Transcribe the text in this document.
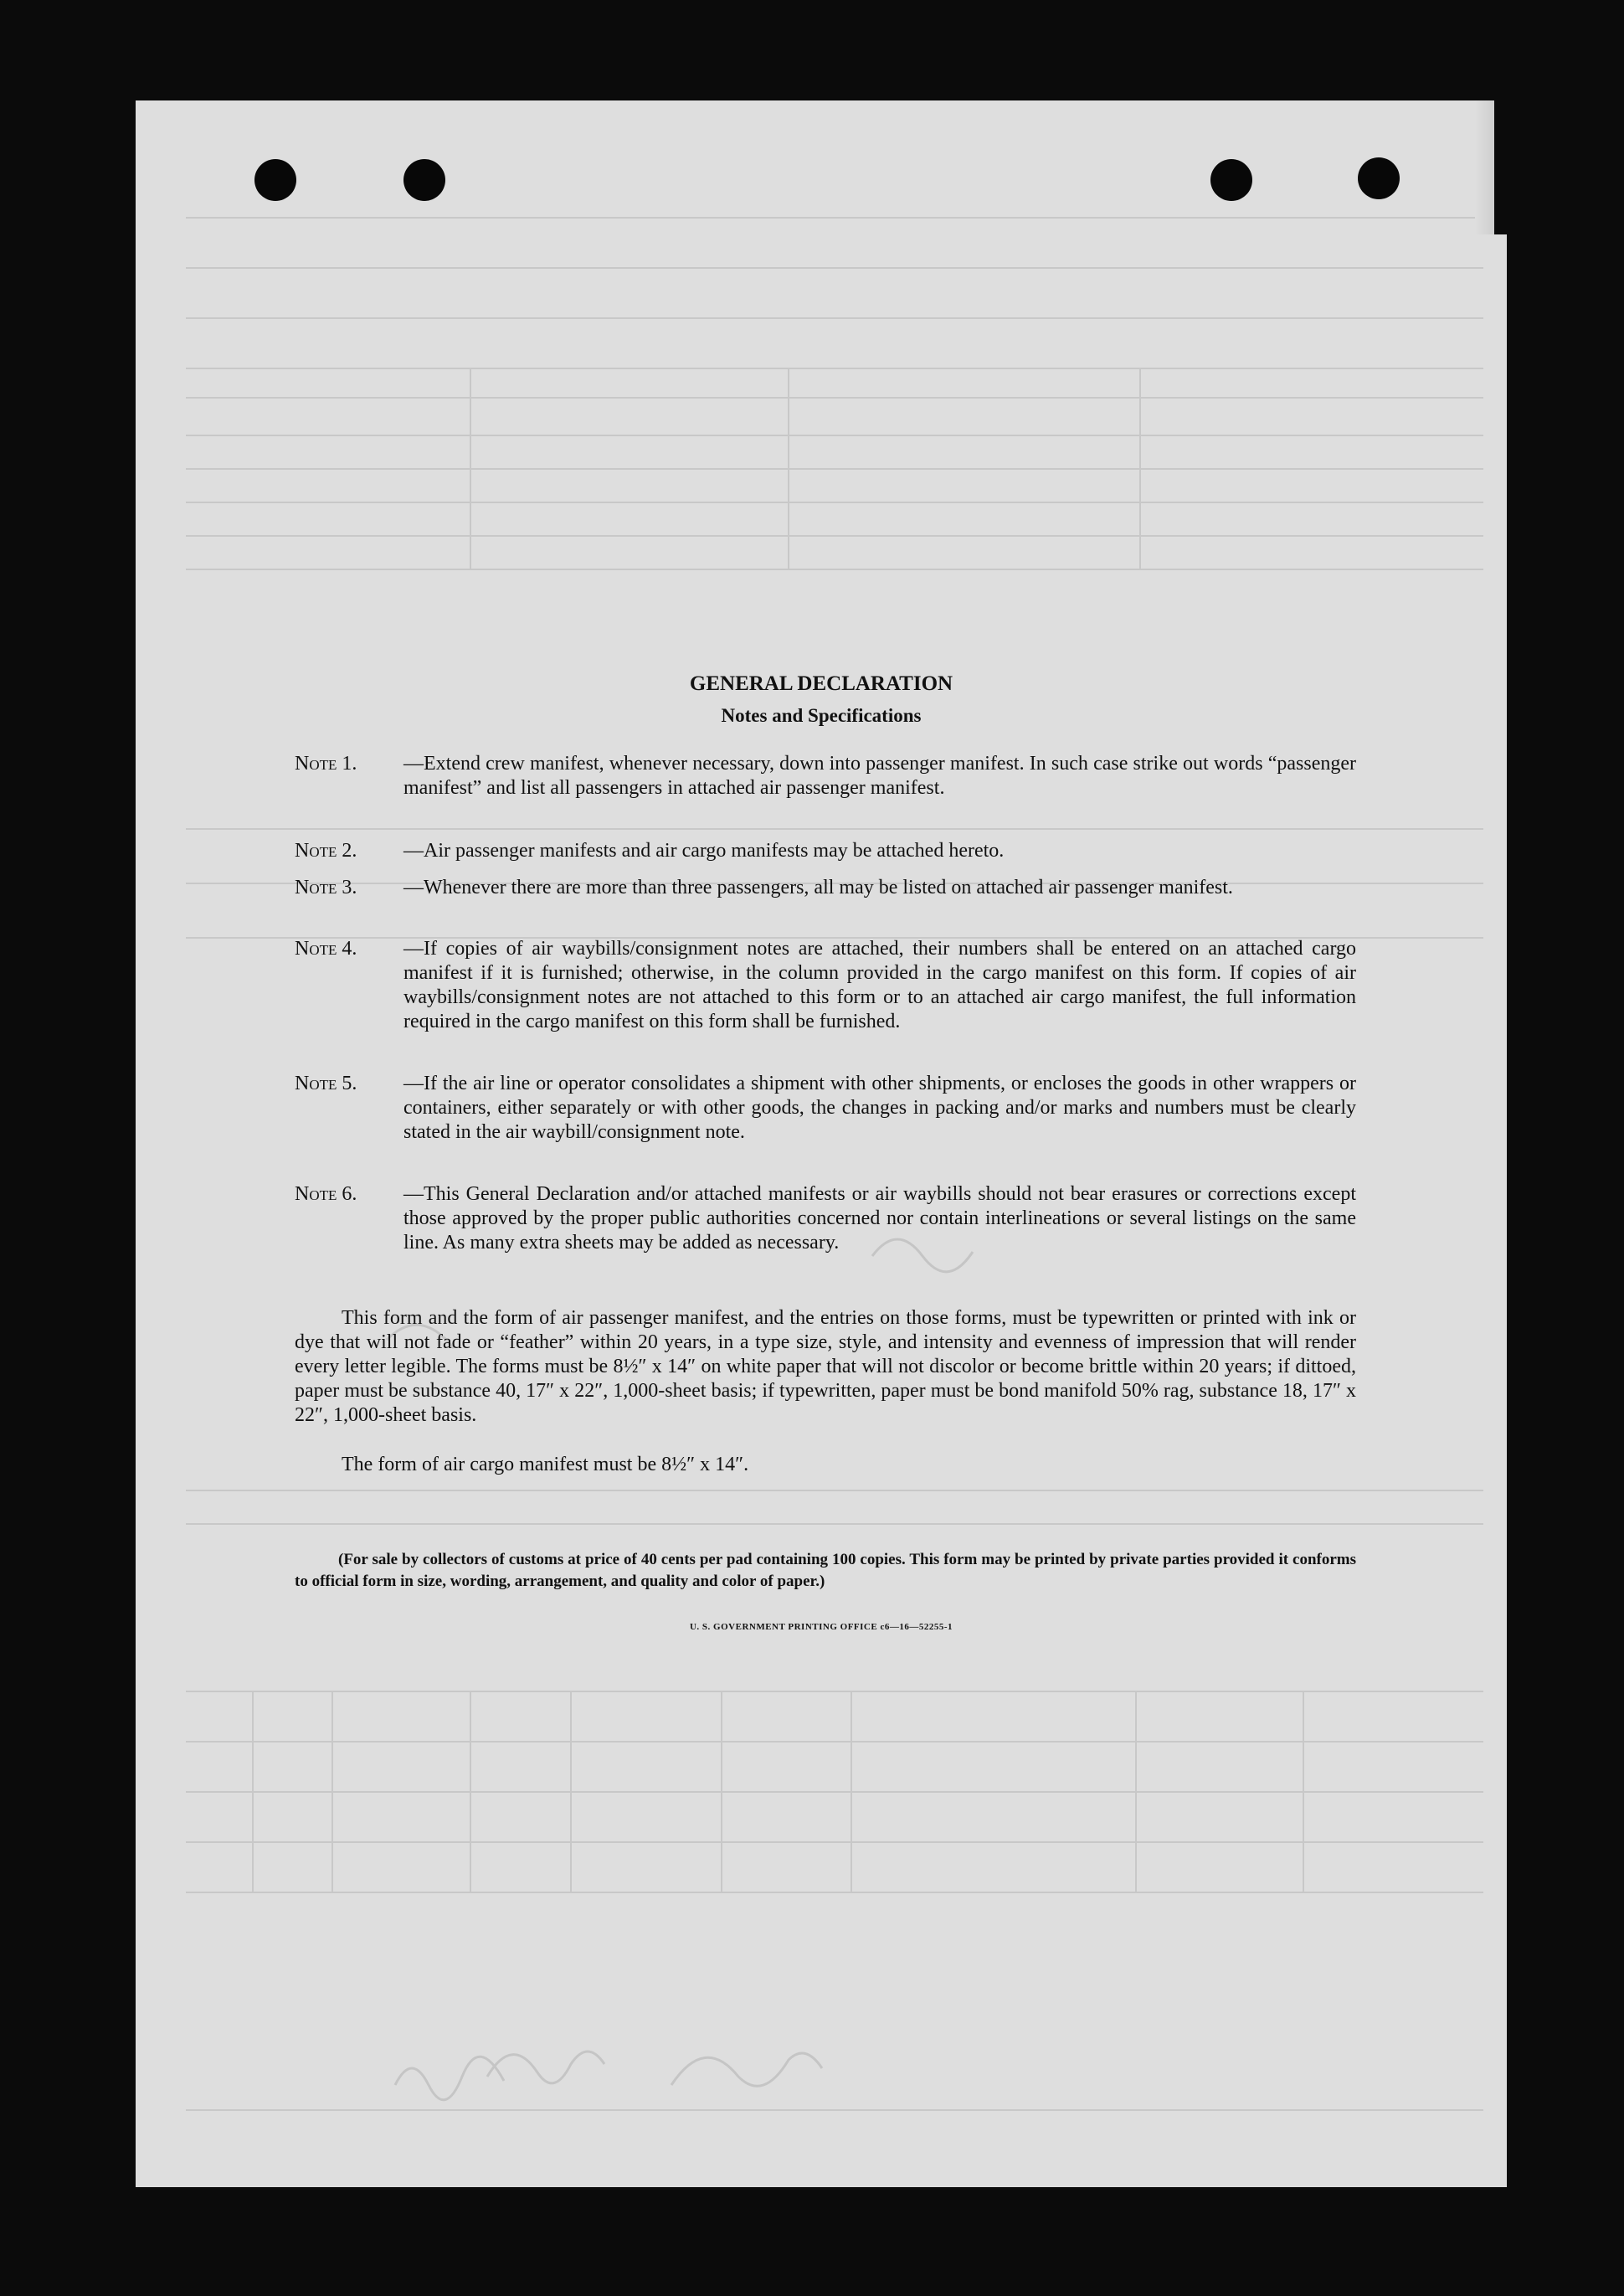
GENERAL DECLARATION
Notes and Specifications
Note 1. —Extend crew manifest, whenever necessary, down into passenger manifest. In such case strike out words “passenger manifest” and list all passengers in attached air passenger manifest.
Note 2. —Air passenger manifests and air cargo manifests may be attached hereto.
Note 3. —Whenever there are more than three passengers, all may be listed on attached air passenger manifest.
Note 4. —If copies of air waybills/consignment notes are attached, their numbers shall be entered on an attached cargo manifest if it is furnished; otherwise, in the column provided in the cargo manifest on this form. If copies of air waybills/consignment notes are not attached to this form or to an attached air cargo manifest, the full information required in the cargo manifest on this form shall be furnished.
Note 5. —If the air line or operator consolidates a shipment with other shipments, or encloses the goods in other wrappers or containers, either separately or with other goods, the changes in packing and/or marks and numbers must be clearly stated in the air waybill/consignment note.
Note 6. —This General Declaration and/or attached manifests or air waybills should not bear erasures or corrections except those approved by the proper public authorities concerned nor contain interlineations or several listings on the same line. As many extra sheets may be added as necessary.
This form and the form of air passenger manifest, and the entries on those forms, must be typewritten or printed with ink or dye that will not fade or “feather” within 20 years, in a type size, style, and intensity and evenness of impression that will render every letter legible. The forms must be 8½″ x 14″ on white paper that will not discolor or become brittle within 20 years; if dittoed, paper must be substance 40, 17″ x 22″, 1,000-sheet basis; if typewritten, paper must be bond manifold 50% rag, substance 18, 17″ x 22″, 1,000-sheet basis.
The form of air cargo manifest must be 8½″ x 14″.
(For sale by collectors of customs at price of 40 cents per pad containing 100 copies. This form may be printed by private parties provided it conforms to official form in size, wording, arrangement, and quality and color of paper.)
U. S. GOVERNMENT PRINTING OFFICE c6—16—52255-1
